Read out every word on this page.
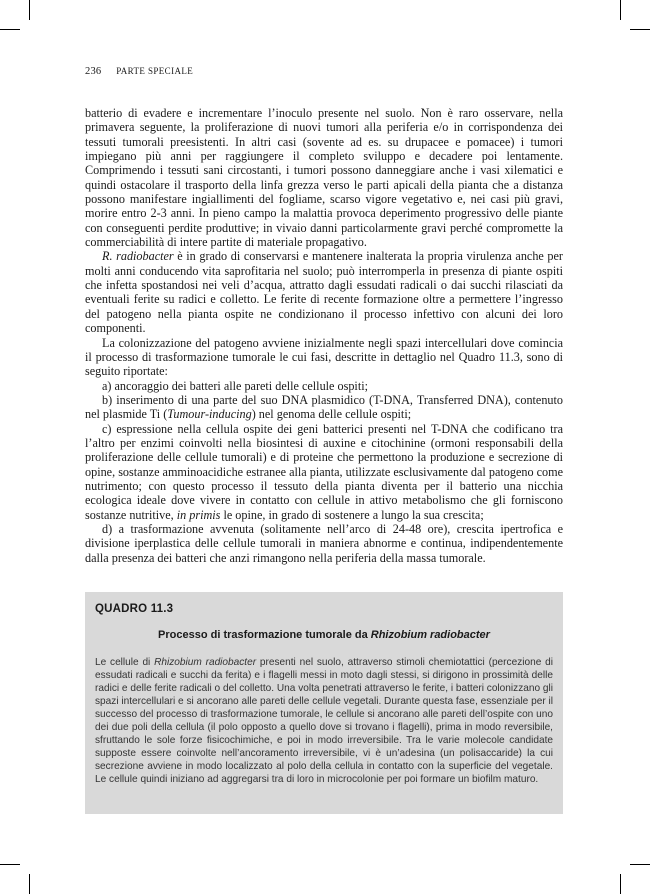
236 PARTE SPECIALE

batterio di evadere e incrementare l’inoculo presente nel suolo. Non è raro osservare, nella primavera seguente, la proliferazione di nuovi tumori alla periferia e/o in corrispondenza dei tessuti tumorali preesistenti. In altri casi (sovente ad es. su drupacee e pomacee) i tumori impiegano più anni per raggiungere il completo sviluppo e decadere poi lentamente. Comprimendo i tessuti sani circostanti, i tumori possono danneggiare anche i vasi xilematici e quindi ostacolare il trasporto della linfa grezza verso le parti apicali della pianta che a distanza possono manifestare ingiallimenti del fogliame, scarso vigore vegetativo e, nei casi più gravi, morire entro 2-3 anni. In pieno campo la malattia provoca deperimento progressivo delle piante con conseguenti perdite produttive; in vivaio danni particolarmente gravi perché compromette la commerciabilità di intere partite di materiale propagativo.

R. radiobacter è in grado di conservarsi e mantenere inalterata la propria virulenza anche per molti anni conducendo vita saprofitaria nel suolo; può interromperla in presenza di piante ospiti che infetta spostandosi nei veli d’acqua, attratto dagli essudati radicali o dai succhi rilasciati da eventuali ferite su radici e colletto. Le ferite di recente formazione oltre a permettere l’ingresso del patogeno nella pianta ospite ne condizionano il processo infettivo con alcuni dei loro componenti.

La colonizzazione del patogeno avviene inizialmente negli spazi intercellulari dove comincia il processo di trasformazione tumorale le cui fasi, descritte in dettaglio nel Quadro 11.3, sono di seguito riportate:

a) ancoraggio dei batteri alle pareti delle cellule ospiti;

b) inserimento di una parte del suo DNA plasmidico (T-DNA, Transferred DNA), contenuto nel plasmide Ti (Tumour-inducing) nel genoma delle cellule ospiti;

c) espressione nella cellula ospite dei geni batterici presenti nel T-DNA che codificano tra l’altro per enzimi coinvolti nella biosintesi di auxine e citochinine (ormoni responsabili della proliferazione delle cellule tumorali) e di proteine che permettono la produzione e secrezione di opine, sostanze amminoacidiche estranee alla pianta, utilizzate esclusivamente dal patogeno come nutrimento; con questo processo il tessuto della pianta diventa per il batterio una nicchia ecologica ideale dove vivere in contatto con cellule in attivo metabolismo che gli forniscono sostanze nutritive, in primis le opine, in grado di sostenere a lungo la sua crescita;

d) a trasformazione avvenuta (solitamente nell’arco di 24-48 ore), crescita ipertrofica e divisione iperplastica delle cellule tumorali in maniera abnorme e continua, indipendentemente dalla presenza dei batteri che anzi rimangono nella periferia della massa tumorale.

QUADRO 11.3
Processo di trasformazione tumorale da Rhizobium radiobacter
Le cellule di Rhizobium radiobacter presenti nel suolo, attraverso stimoli chemiotattici (percezione di essudati radicali e succhi da ferita) e i flagelli messi in moto dagli stessi, si dirigono in prossimità delle radici e delle ferite radicali o del colletto. Una volta penetrati attraverso le ferite, i batteri colonizzano gli spazi intercellulari e si ancorano alle pareti delle cellule vegetali. Durante questa fase, essenziale per il successo del processo di trasformazione tumorale, le cellule si ancorano alle pareti dell’ospite con uno dei due poli della cellula (il polo opposto a quello dove si trovano i flagelli), prima in modo reversibile, sfruttando le sole forze fisicochimiche, e poi in modo irreversibile. Tra le varie molecole candidate supposte essere coinvolte nell’ancoramento irreversibile, vi è un’adesina (un polisaccaride) la cui secrezione avviene in modo localizzato al polo della cellula in contatto con la superficie del vegetale. Le cellule quindi iniziano ad aggregarsi tra di loro in microcolonie per poi formare un biofilm maturo.
